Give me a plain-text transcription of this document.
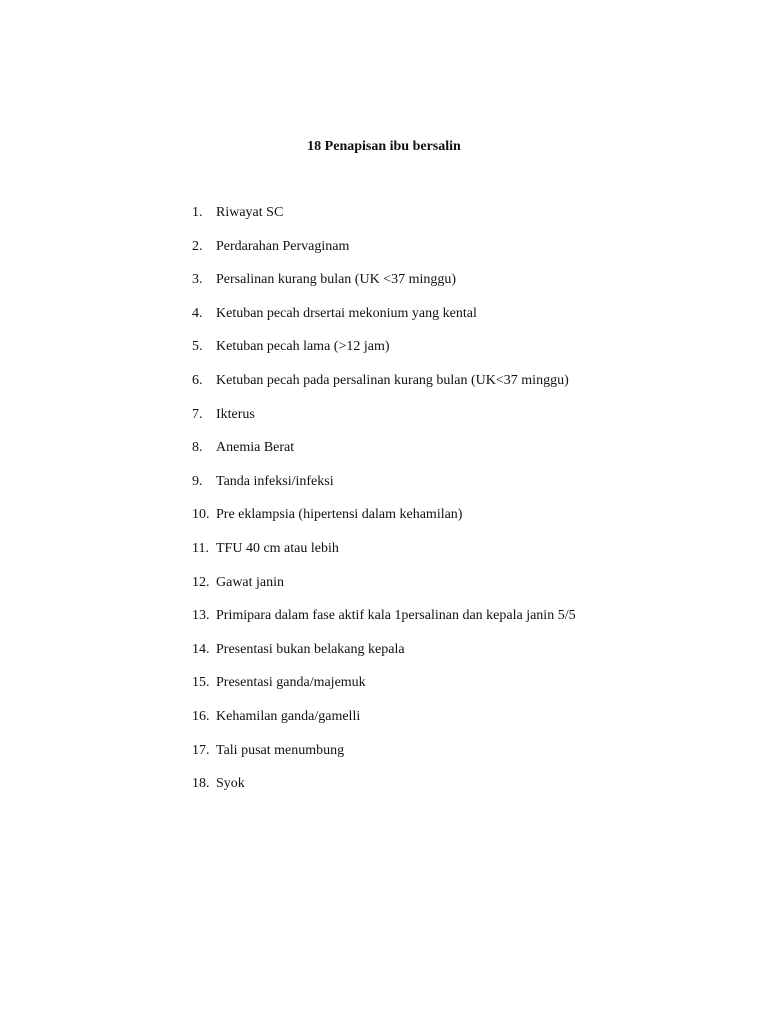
18 Penapisan ibu bersalin
1. Riwayat SC
2. Perdarahan Pervaginam
3. Persalinan kurang bulan (UK <37 minggu)
4. Ketuban pecah drsertai mekonium yang kental
5. Ketuban pecah lama (>12 jam)
6. Ketuban pecah pada persalinan kurang bulan (UK<37 minggu)
7. Ikterus
8. Anemia Berat
9. Tanda infeksi/infeksi
10. Pre eklampsia (hipertensi dalam kehamilan)
11. TFU 40 cm atau lebih
12. Gawat janin
13. Primipara dalam fase aktif kala 1persalinan dan kepala janin 5/5
14. Presentasi bukan belakang kepala
15. Presentasi ganda/majemuk
16. Kehamilan ganda/gamelli
17. Tali pusat menumbung
18. Syok
